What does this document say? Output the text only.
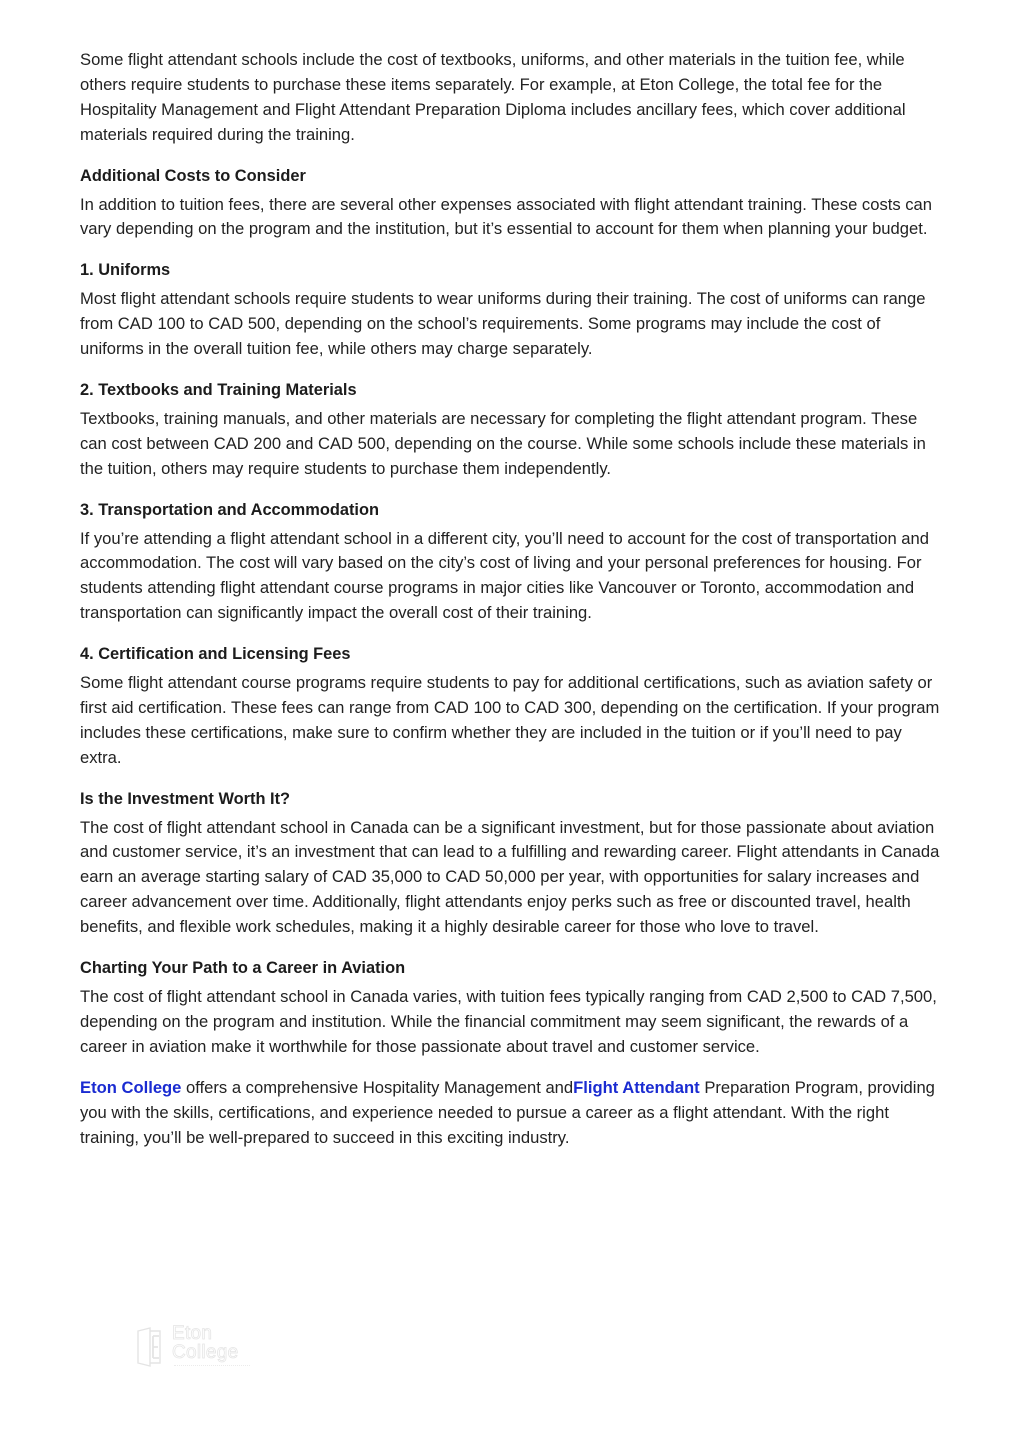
Some flight attendant schools include the cost of textbooks, uniforms, and other materials in the tuition fee, while others require students to purchase these items separately. For example, at Eton College, the total fee for the Hospitality Management and Flight Attendant Preparation Diploma includes ancillary fees, which cover additional materials required during the training.

Additional Costs to Consider

In addition to tuition fees, there are several other expenses associated with flight attendant training. These costs can vary depending on the program and the institution, but it’s essential to account for them when planning your budget.

1. Uniforms

Most flight attendant schools require students to wear uniforms during their training. The cost of uniforms can range from CAD 100 to CAD 500, depending on the school’s requirements. Some programs may include the cost of uniforms in the overall tuition fee, while others may charge separately.

2. Textbooks and Training Materials

Textbooks, training manuals, and other materials are necessary for completing the flight attendant program. These can cost between CAD 200 and CAD 500, depending on the course. While some schools include these materials in the tuition, others may require students to purchase them independently.

3. Transportation and Accommodation

If you’re attending a flight attendant school in a different city, you’ll need to account for the cost of transportation and accommodation. The cost will vary based on the city’s cost of living and your personal preferences for housing. For students attending flight attendant course programs in major cities like Vancouver or Toronto, accommodation and transportation can significantly impact the overall cost of their training.

4. Certification and Licensing Fees

Some flight attendant course programs require students to pay for additional certifications, such as aviation safety or first aid certification. These fees can range from CAD 100 to CAD 300, depending on the certification. If your program includes these certifications, make sure to confirm whether they are included in the tuition or if you’ll need to pay extra.

Is the Investment Worth It?

The cost of flight attendant school in Canada can be a significant investment, but for those passionate about aviation and customer service, it’s an investment that can lead to a fulfilling and rewarding career. Flight attendants in Canada earn an average starting salary of CAD 35,000 to CAD 50,000 per year, with opportunities for salary increases and career advancement over time. Additionally, flight attendants enjoy perks such as free or discounted travel, health benefits, and flexible work schedules, making it a highly desirable career for those who love to travel.

Charting Your Path to a Career in Aviation

The cost of flight attendant school in Canada varies, with tuition fees typically ranging from CAD 2,500 to CAD 7,500, depending on the program and institution. While the financial commitment may seem significant, the rewards of a career in aviation make it worthwhile for those passionate about travel and customer service.

Eton College offers a comprehensive Hospitality Management andFlight Attendant Preparation Program, providing you with the skills, certifications, and experience needed to pursue a career as a flight attendant. With the right training, you’ll be well-prepared to succeed in this exciting industry.

Eton
College
